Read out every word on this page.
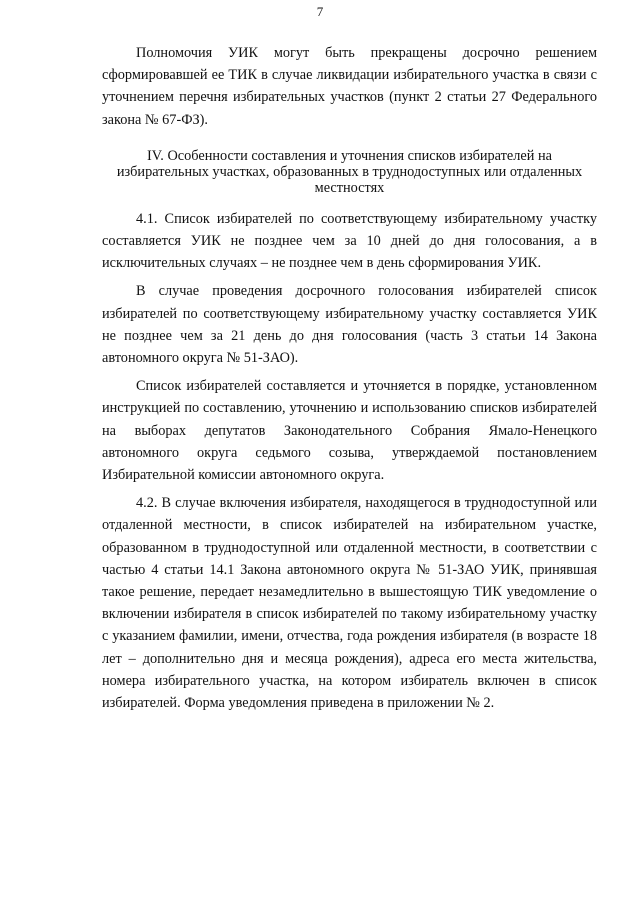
7

Полномочия УИК могут быть прекращены досрочно решением сформировавшей ее ТИК в случае ликвидации избирательного участка в связи с уточнением перечня избирательных участков (пункт 2 статьи 27 Федерального закона № 67-ФЗ).

IV. Особенности составления и уточнения списков избирателей на избирательных участках, образованных в труднодоступных или отдаленных местностях

4.1. Список избирателей по соответствующему избирательному участку составляется УИК не позднее чем за 10 дней до дня голосования, а в исключительных случаях – не позднее чем в день сформирования УИК.

В случае проведения досрочного голосования избирателей список избирателей по соответствующему избирательному участку составляется УИК не позднее чем за 21 день до дня голосования (часть 3 статьи 14 Закона автономного округа № 51-ЗАО).

Список избирателей составляется и уточняется в порядке, установленном инструкцией по составлению, уточнению и использованию списков избирателей на выборах депутатов Законодательного Собрания Ямало-Ненецкого автономного округа седьмого созыва, утверждаемой постановлением Избирательной комиссии автономного округа.

4.2. В случае включения избирателя, находящегося в труднодоступной или отдаленной местности, в список избирателей на избирательном участке, образованном в труднодоступной или отдаленной местности, в соответствии с частью 4 статьи 14.1 Закона автономного округа № 51-ЗАО УИК, принявшая такое решение, передает незамедлительно в вышестоящую ТИК уведомление о включении избирателя в список избирателей по такому избирательному участку с указанием фамилии, имени, отчества, года рождения избирателя (в возрасте 18 лет – дополнительно дня и месяца рождения), адреса его места жительства, номера избирательного участка, на котором избиратель включен в список избирателей. Форма уведомления приведена в приложении № 2.
